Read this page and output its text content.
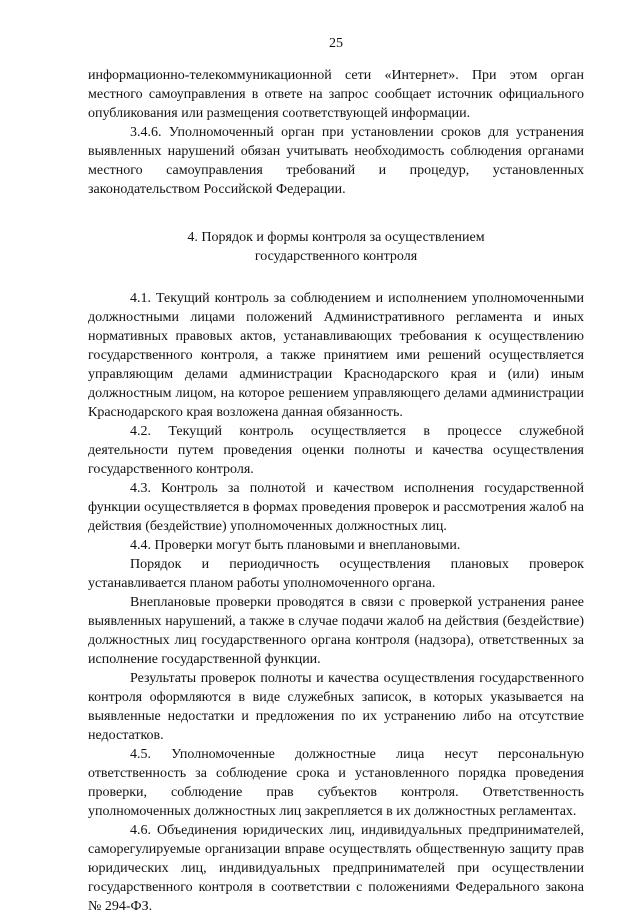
25

информационно-телекоммуникационной сети «Интернет». При этом орган местного самоуправления в ответе на запрос сообщает источник официального опубликования или размещения соответствующей информации.

3.4.6. Уполномоченный орган при установлении сроков для устранения выявленных нарушений обязан учитывать необходимость соблюдения органами местного самоуправления требований и процедур, установленных законодательством Российской Федерации.

4. Порядок и формы контроля за осуществлением
государственного контроля

4.1. Текущий контроль за соблюдением и исполнением уполномоченными должностными лицами положений Административного регламента и иных нормативных правовых актов, устанавливающих требования к осуществлению государственного контроля, а также принятием ими решений осуществляется управляющим делами администрации Краснодарского края и (или) иным должностным лицом, на которое решением управляющего делами администрации Краснодарского края возложена данная обязанность.

4.2. Текущий контроль осуществляется в процессе служебной деятельности путем проведения оценки полноты и качества осуществления государственного контроля.

4.3. Контроль за полнотой и качеством исполнения государственной функции осуществляется в формах проведения проверок и рассмотрения жалоб на действия (бездействие) уполномоченных должностных лиц.

4.4. Проверки могут быть плановыми и внеплановыми.

Порядок и периодичность осуществления плановых проверок устанавливается планом работы уполномоченного органа.

Внеплановые проверки проводятся в связи с проверкой устранения ранее выявленных нарушений, а также в случае подачи жалоб на действия (бездействие) должностных лиц государственного органа контроля (надзора), ответственных за исполнение государственной функции.

Результаты проверок полноты и качества осуществления государственного контроля оформляются в виде служебных записок, в которых указывается на выявленные недостатки и предложения по их устранению либо на отсутствие недостатков.

4.5. Уполномоченные должностные лица несут персональную ответственность за соблюдение срока и установленного порядка проведения проверки, соблюдение прав субъектов контроля. Ответственность уполномоченных должностных лиц закрепляется в их должностных регламентах.

4.6. Объединения юридических лиц, индивидуальных предпринимателей, саморегулируемые организации вправе осуществлять общественную защиту прав юридических лиц, индивидуальных предпринимателей при осуществлении государственного контроля в соответствии с положениями Федерального закона № 294-ФЗ.
